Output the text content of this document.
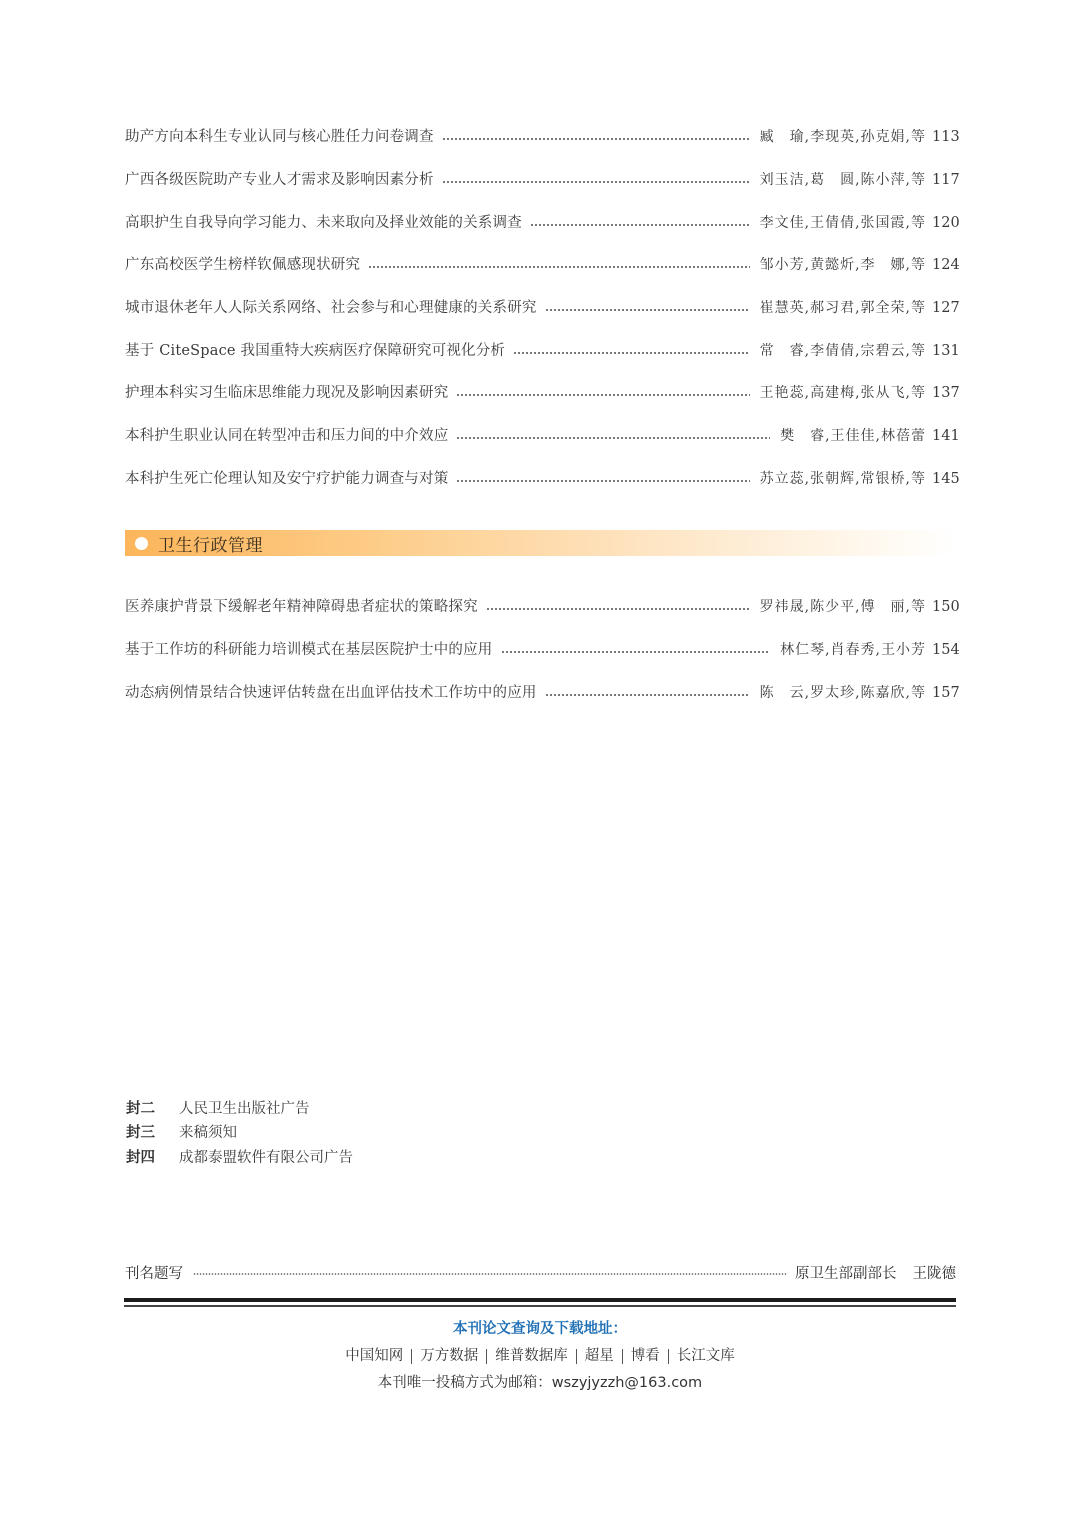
助产方向本科生专业认同与核心胜任力问卷调查	臧　瑜,李现英,孙克娟,等 113
广西各级医院助产专业人才需求及影响因素分析	刘玉洁,葛　圆,陈小萍,等 117
高职护生自我导向学习能力、未来取向及择业效能的关系调查	李文佳,王倩倩,张国霞,等 120
广东高校医学生榜样钦佩感现状研究	邹小芳,黄懿炘,李　娜,等 124
城市退休老年人人际关系网络、社会参与和心理健康的关系研究	崔慧英,郝习君,郭全荣,等 127
基于 CiteSpace 我国重特大疾病医疗保障研究可视化分析	常　睿,李倩倩,宗碧云,等 131
护理本科实习生临床思维能力现况及影响因素研究	王艳蕊,高建梅,张从飞,等 137
本科护生职业认同在转型冲击和压力间的中介效应	樊　睿,王佳佳,林蓓蕾 141
本科护生死亡伦理认知及安宁疗护能力调查与对策	苏立蕊,张朝辉,常银桥,等 145
卫生行政管理
医养康护背景下缓解老年精神障碍患者症状的策略探究	罗祎晟,陈少平,傅　丽,等 150
基于工作坊的科研能力培训模式在基层医院护士中的应用	林仁琴,肖春秀,王小芳 154
动态病例情景结合快速评估转盘在出血评估技术工作坊中的应用	陈　云,罗太珍,陈嘉欣,等 157
封二	人民卫生出版社广告
封三	来稿须知
封四	成都泰盟软件有限公司广告
刊名题写	原卫生部副部长 王陇德
本刊论文查询及下载地址：
中国知网 万方数据 维普数据库 超星 博看 长江文库
本刊唯一投稿方式为邮箱：wszyjyzzh@163.com
